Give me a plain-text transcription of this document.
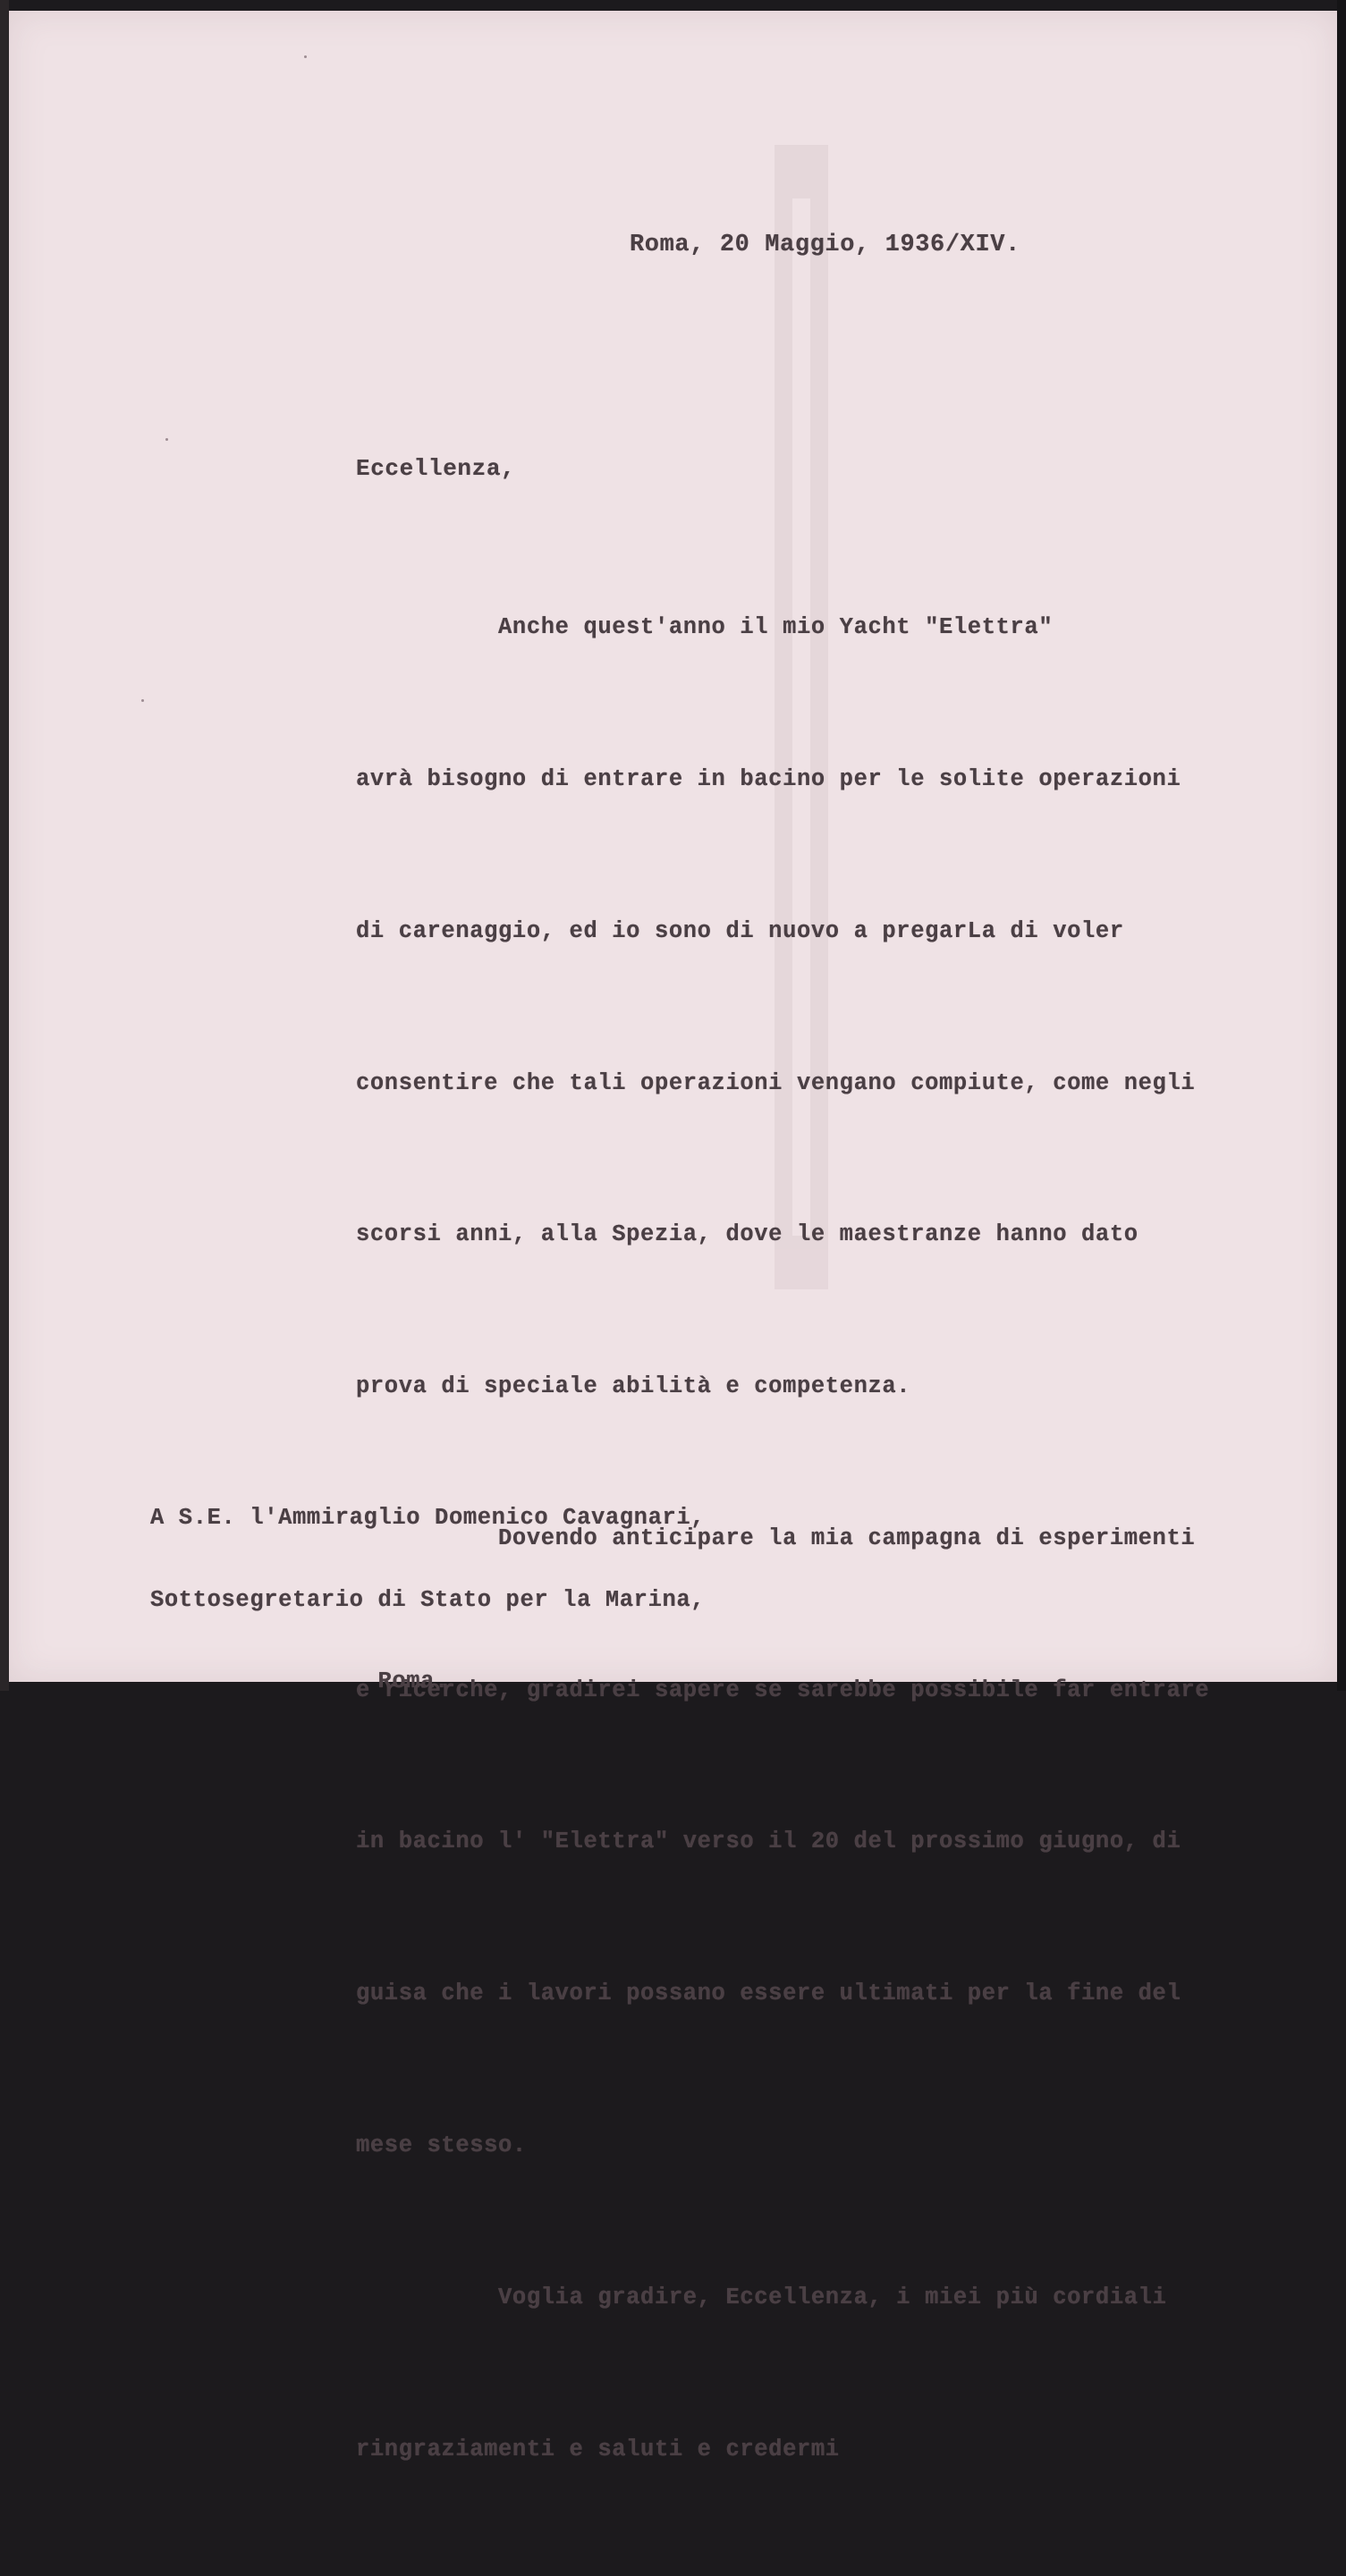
Roma, 20 Maggio, 1936/XIV.
Eccellenza,

Anche quest'anno il mio Yacht "Elettra"

avrà bisogno di entrare in bacino per le solite operazioni

di carenaggio, ed io sono di nuovo a pregarLa di voler

consentire che tali operazioni vengano compiute, come negli

scorsi anni, alla Spezia, dove le maestranze hanno dato

prova di speciale abilità e competenza.

Dovendo anticipare la mia campagna di esperimenti

e ricerche, gradirei sapere se sarebbe possibile far entrare

in bacino l' "Elettra" verso il 20 del prossimo giugno, di

guisa che i lavori possano essere ultimati per la fine del

mese stesso.

Voglia gradire, Eccellenza, i miei più cordiali

ringraziamenti e saluti e credermi

A S.E. l'Ammiraglio Domenico Cavagnari,

Sottosegretario di Stato per la Marina,

Roma.
